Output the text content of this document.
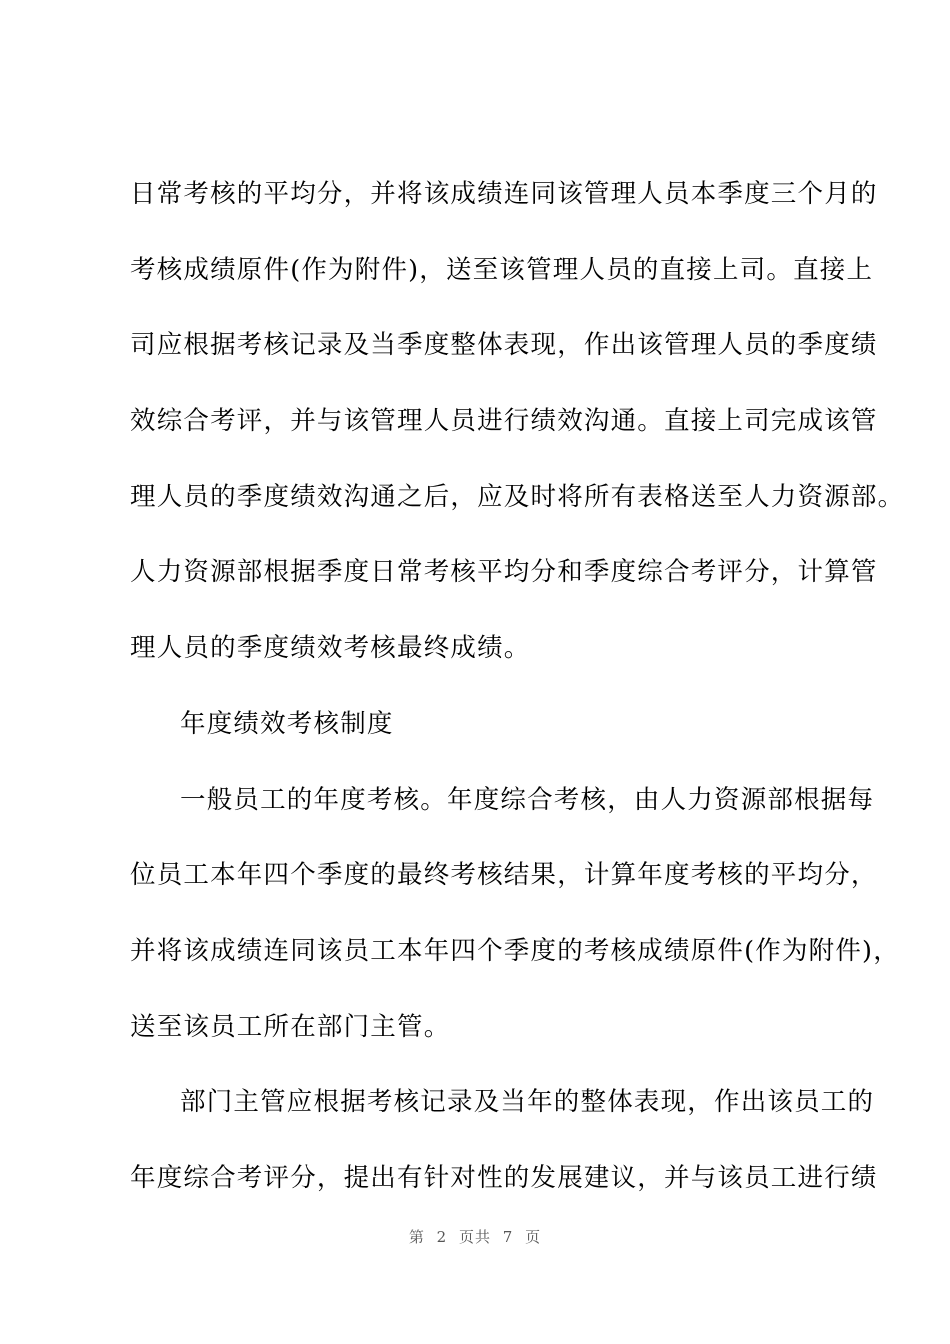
日常考核的平均分，并将该成绩连同该管理人员本季度三个月的
考核成绩原件(作为附件)，送至该管理人员的直接上司。直接上
司应根据考核记录及当季度整体表现，作出该管理人员的季度绩
效综合考评，并与该管理人员进行绩效沟通。直接上司完成该管
理人员的季度绩效沟通之后，应及时将所有表格送至人力资源部。
人力资源部根据季度日常考核平均分和季度综合考评分，计算管
理人员的季度绩效考核最终成绩。
年度绩效考核制度
一般员工的年度考核。年度综合考核，由人力资源部根据每
位员工本年四个季度的最终考核结果，计算年度考核的平均分，
并将该成绩连同该员工本年四个季度的考核成绩原件(作为附件)，
送至该员工所在部门主管。
部门主管应根据考核记录及当年的整体表现，作出该员工的
年度综合考评分，提出有针对性的发展建议，并与该员工进行绩
第 2 页共 7 页
